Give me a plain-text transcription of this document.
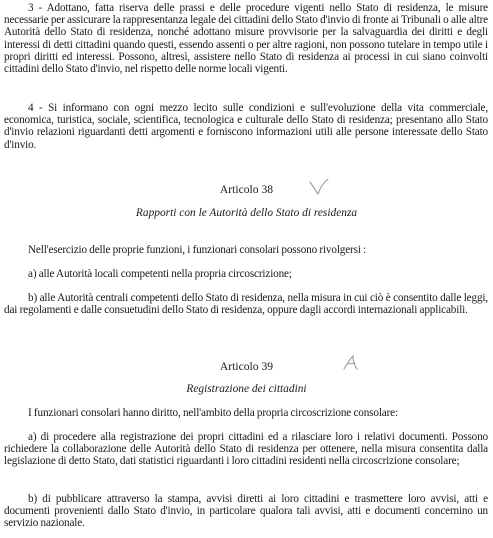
3 - Adottano, fatta riserva delle prassi e delle procedure vigenti nello Stato di residenza, le misure necessarie per assicurare la rappresentanza legale dei cittadini dello Stato d'invio di fronte ai Tribunali o alle altre Autorità dello Stato di residenza, nonché adottano misure provvisorie per la salvaguardia dei diritti e degli interessi di detti cittadini quando questi, essendo assenti o per altre ragioni, non possono tutelare in tempo utile i propri diritti ed interessi. Possono, altresì, assistere nello Stato di residenza ai processi in cui siano coinvolti cittadini dello Stato d'invio, nel rispetto delle norme locali vigenti.

4 - Si informano con ogni mezzo lecito sulle condizioni e sull'evoluzione della vita commerciale, economica, turistica, sociale, scientifica, tecnologica e culturale dello Stato di residenza; presentano allo Stato d'invio relazioni riguardanti detti argomenti e forniscono informazioni utili alle persone interessate dello Stato d'invio.

Articolo 38

Rapporti con le Autorità dello Stato di residenza

Nell'esercizio delle proprie funzioni, i funzionari consolari possono rivolgersi :

a) alle Autorità locali competenti nella propria circoscrizione;

b) alle Autorità centrali competenti dello Stato di residenza, nella misura in cui ciò è consentito dalle leggi, dai regolamenti e dalle consuetudini dello Stato di residenza, oppure dagli accordi internazionali applicabili.

Articolo 39

Registrazione dei cittadini

I funzionari consolari hanno diritto, nell'ambito della propria circoscrizione consolare:

a) di procedere alla registrazione dei propri cittadini ed a rilasciare loro i relativi documenti. Possono richiedere la collaborazione delle Autorità dello Stato di residenza per ottenere, nella misura consentita dalla legislazione di detto Stato, dati statistici riguardanti i loro cittadini residenti nella circoscrizione consolare;

b) di pubblicare attraverso la stampa, avvisi diretti ai loro cittadini e trasmettere loro avvisi, atti e documenti provenienti dallo Stato d'invio, in particolare qualora tali avvisi, atti e documenti concernino un servizio nazionale.
